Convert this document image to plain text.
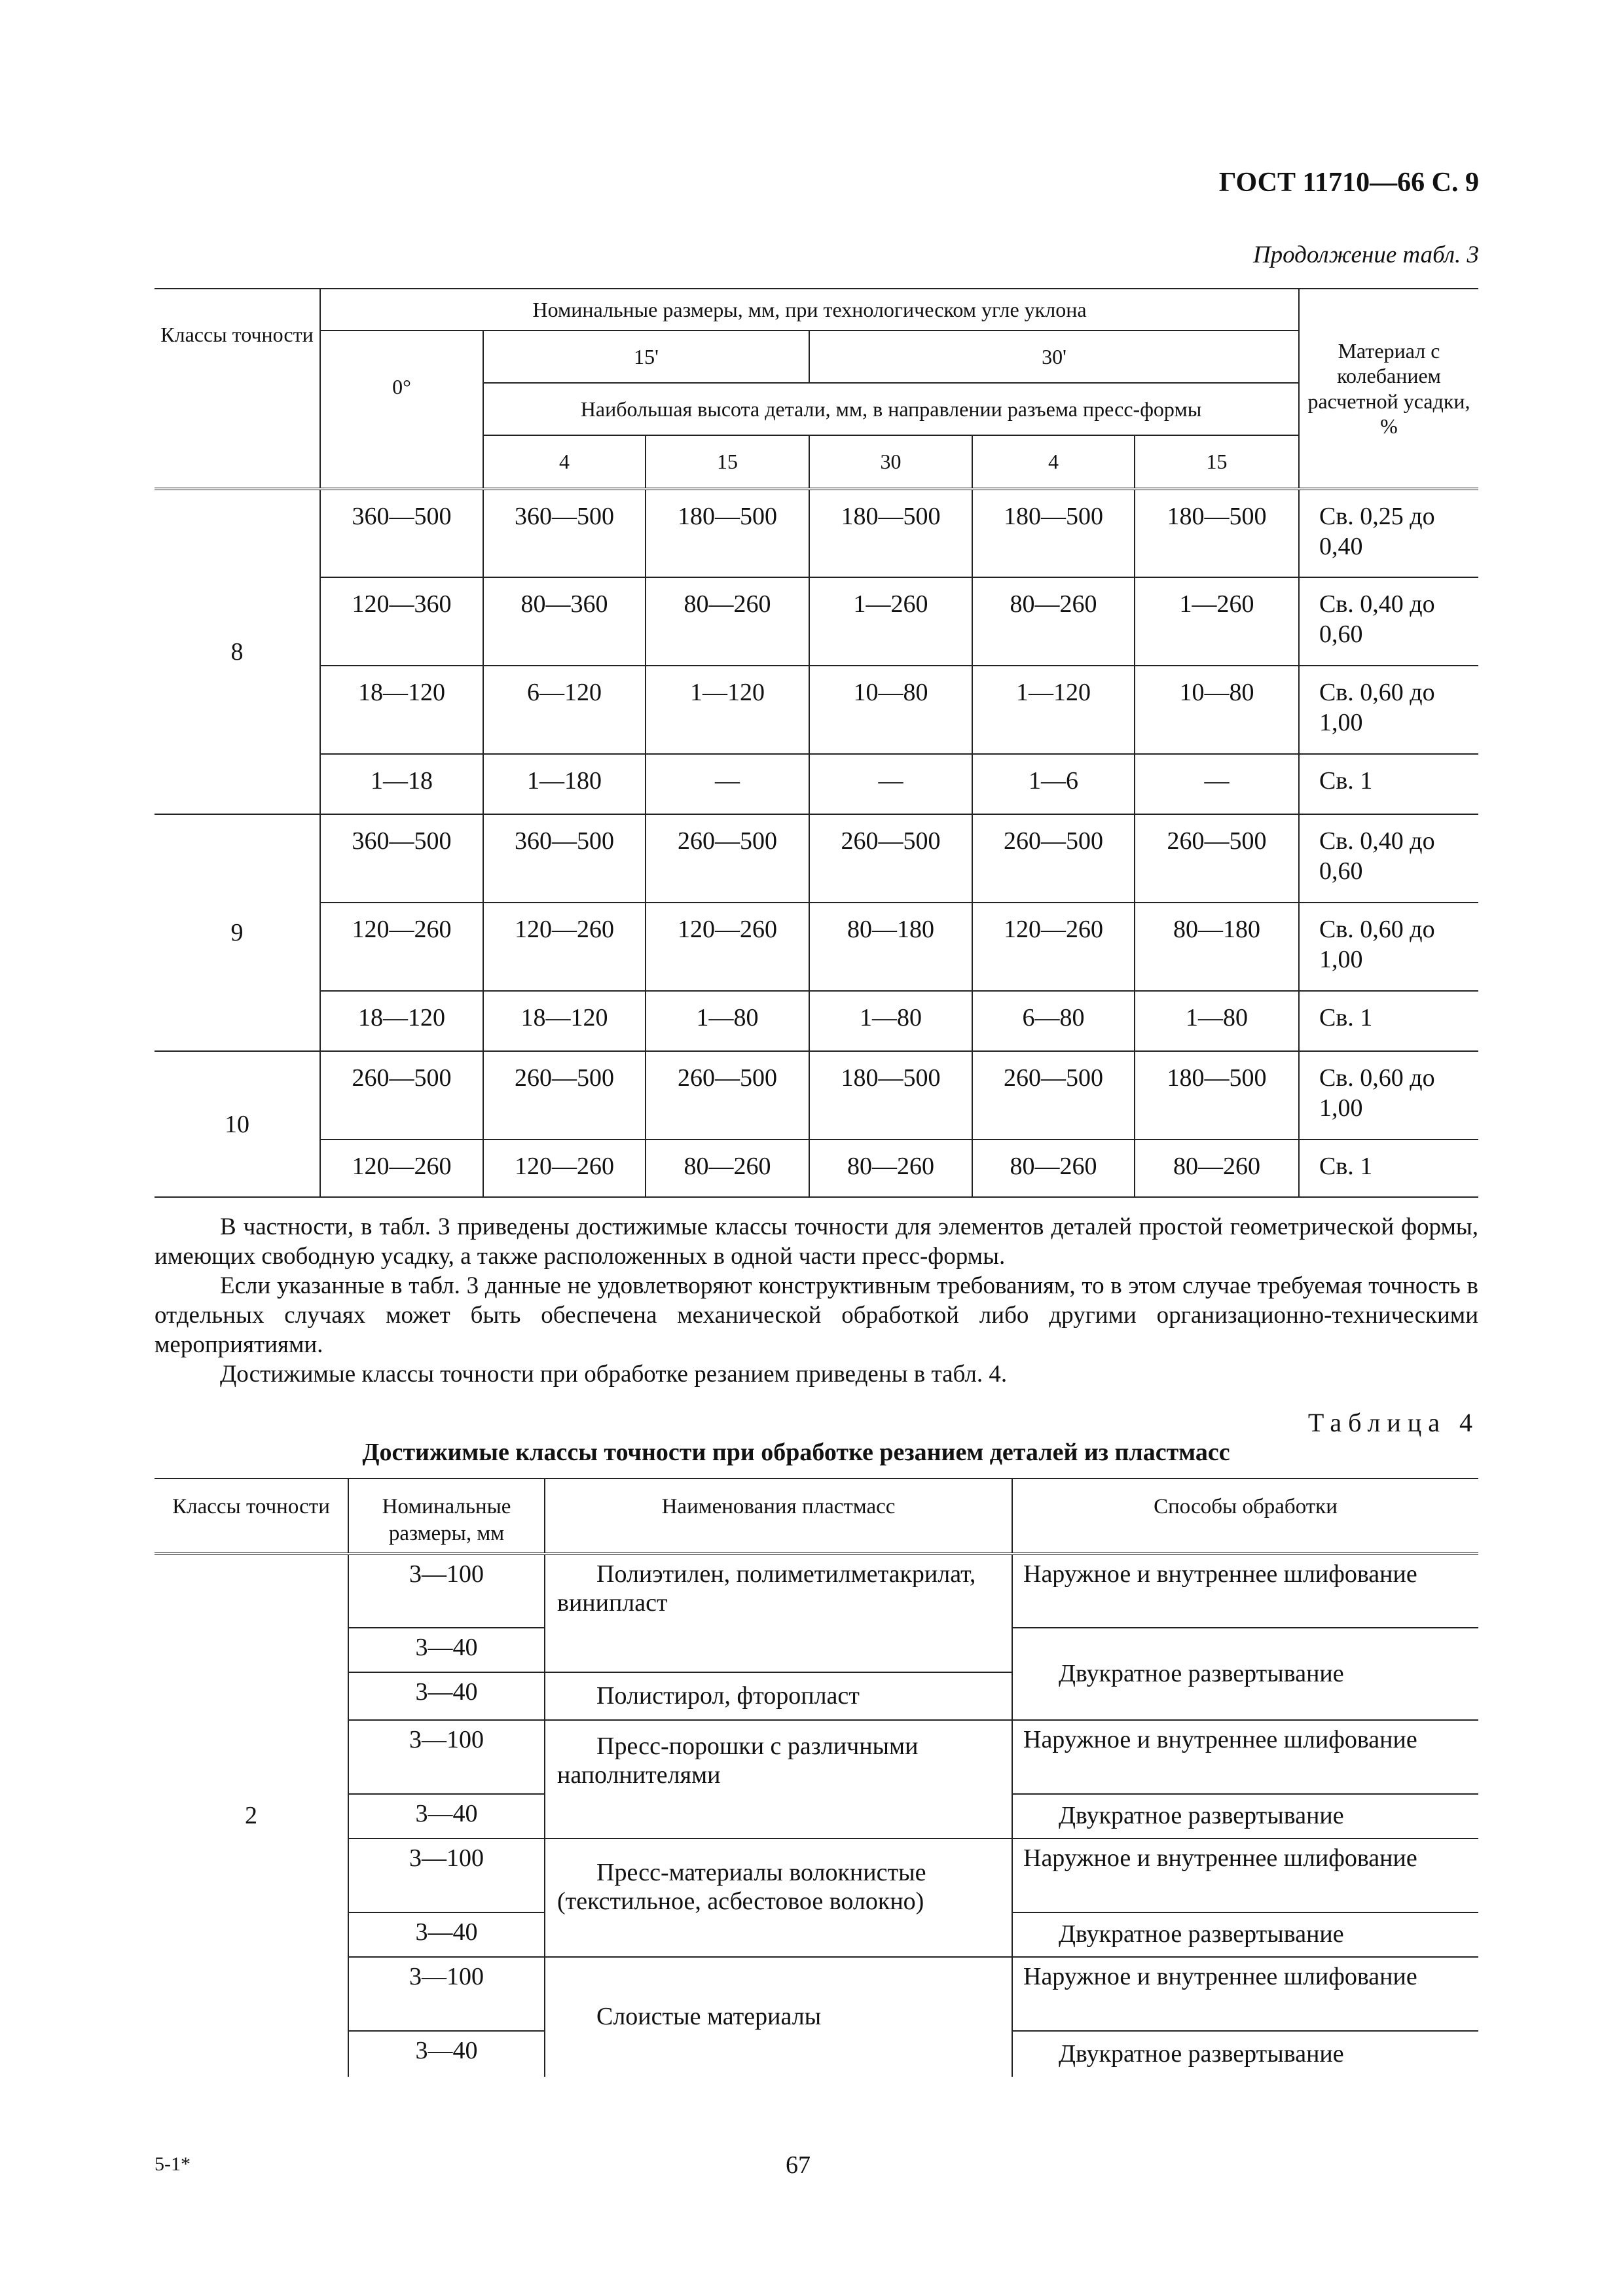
ГОСТ 11710—66 С. 9
Продолжение табл. 3
Классы точности	Номинальные размеры, мм, при технологическом угле уклона						Материал с колебанием расчетной усадки, %
	0°	15'		30'			
		Наибольшая высота детали, мм, в направлении разъема пресс-формы					
		4	15	30	4	15	
8	360—500	360—500	180—500	180—500	180—500	180—500	Св. 0,25 до 0,40
	120—360	80—360	80—260	1—260	80—260	1—260	Св. 0,40 до 0,60
	18—120	6—120	1—120	10—80	1—120	10—80	Св. 0,60 до 1,00
	1—18	1—180	—	—	1—6	—	Св. 1
9	360—500	360—500	260—500	260—500	260—500	260—500	Св. 0,40 до 0,60
	120—260	120—260	120—260	80—180	120—260	80—180	Св. 0,60 до 1,00
	18—120	18—120	1—80	1—80	6—80	1—80	Св. 1
10	260—500	260—500	260—500	180—500	260—500	180—500	Св. 0,60 до 1,00
	120—260	120—260	80—260	80—260	80—260	80—260	Св. 1
В частности, в табл. 3 приведены достижимые классы точности для элементов деталей простой геометрической формы, имеющих свободную усадку, а также расположенных в одной части пресс-формы.
Если указанные в табл. 3 данные не удовлетворяют конструктивным требованиям, то в этом случае требуемая точность в отдельных случаях может быть обеспечена механической обработкой либо другими организационно-техническими мероприятиями.
Достижимые классы точности при обработке резанием приведены в табл. 4.
Таблица 4
Достижимые классы точности при обработке резанием деталей из пластмасс
Классы точности	Номинальные размеры, мм	Наименования пластмасс	Способы обработки
2	3—100	Полиэтилен, полиметилметакрилат, винипласт	Наружное и внутреннее шлифование
	3—40		Двукратное развертывание
	3—40	Полистирол, фторопласт	
	3—100	Пресс-порошки с различными наполнителями	Наружное и внутреннее шлифование
	3—40		Двукратное развертывание
	3—100	Пресс-материалы волокнистые (текстильное, асбестовое волокно)	Наружное и внутреннее шлифование
	3—40		Двукратное развертывание
	3—100	Слоистые материалы	Наружное и внутреннее шлифование
	3—40		Двукратное развертывание
5-1*	67
